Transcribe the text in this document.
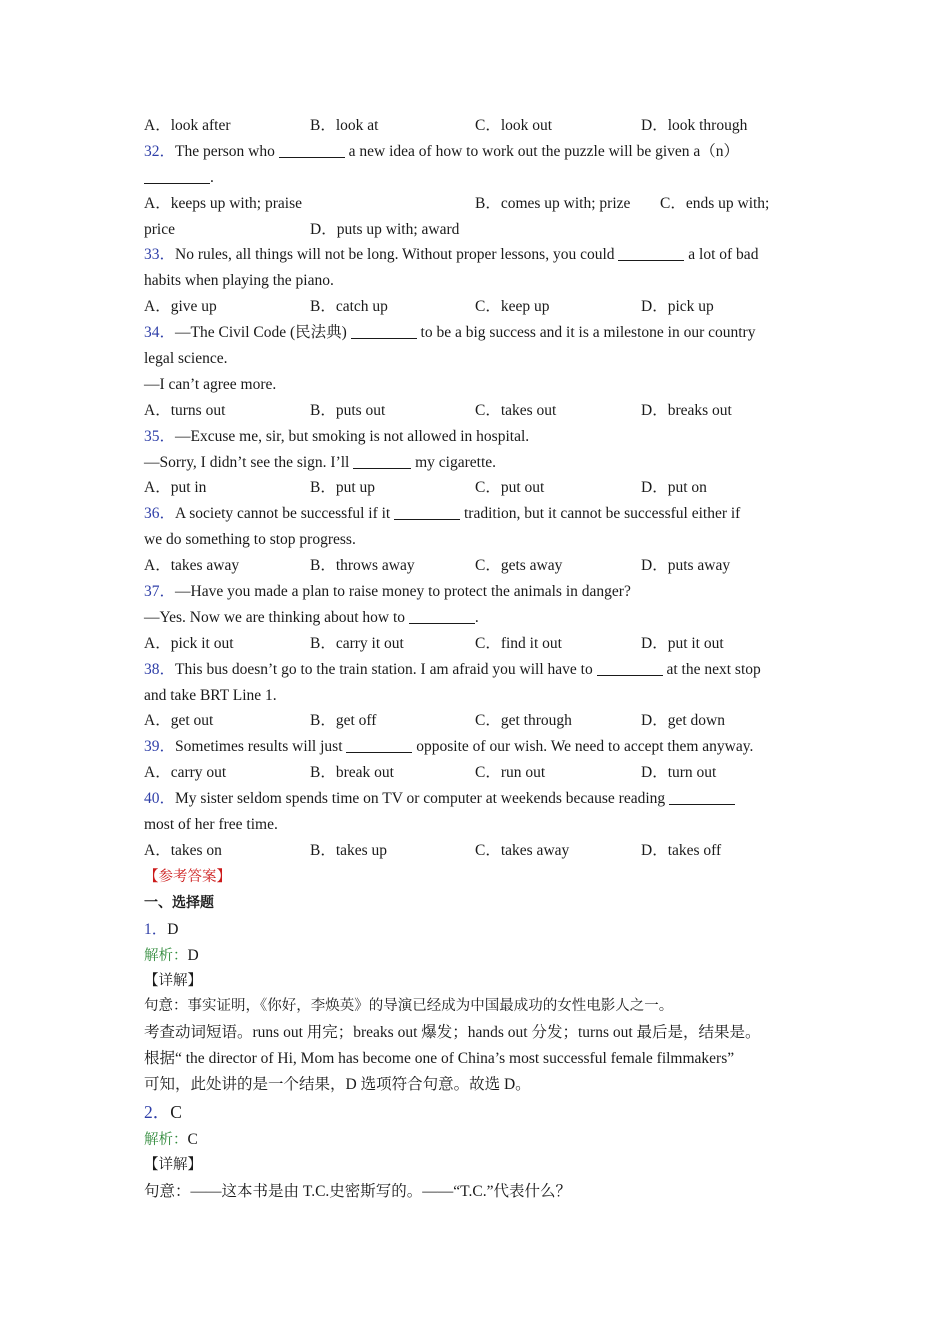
A．look after	B．look at	C．look out	D．look through
32．The person who	a new idea of how to work out the puzzle will be given a（n）
.
A．keeps up with; praise	B．comes up with; prize C．ends up with;
price	D．puts up with; award
33．No rules, all things will not be long. Without proper lessons, you could	a lot of bad
habits when playing the piano.
A．give up	B．catch up	C．keep up	D．pick up
34．—The Civil Code (民法典)	to be a big success and it is a milestone in our country
legal science.
—I can’t agree more.
A．turns out	B．puts out	C．takes out	D．breaks out
35．—Excuse me, sir, but smoking is not allowed in hospital.
—Sorry, I didn’t see the sign. I’ll	my cigarette.
A．put in	B．put up	C．put out	D．put on
36．A society cannot be successful if it	tradition, but it cannot be successful either if
we do something to stop progress.
A．takes away	B．throws away	C．gets away	D．puts away
37．—Have you made a plan to raise money to protect the animals in danger?
—Yes. Now we are thinking about how to	.
A．pick it out	B．carry it out	C．find it out	D．put it out
38．This bus doesn’t go to the train station. I am afraid you will have to	at the next stop
and take BRT Line 1.
A．get out	B．get off	C．get through	D．get down
39．Sometimes results will just	opposite of our wish. We need to accept them anyway.
A．carry out	B．break out	C．run out	D．turn out
40．My sister seldom spends time on TV or computer at weekends because reading
most of her free time.
A．takes on	B．takes up	C．takes away	D．takes off
【参考答案】
一、选择题
1．D
解析：D
【详解】
句意：事实证明，《你好，李焕英》的导演已经成为中国最成功的女性电影人之一。
考查动词短语。runs out 用完；breaks out 爆发；hands out 分发；turns out 最后是，结果是。
根据“ the director of Hi, Mom has become one of China’s most successful female filmmakers”
可知，此处讲的是一个结果，D 选项符合句意。故选 D。
2．C
解析：C
【详解】
句意：——这本书是由 T.C.史密斯写的。——“T.C.”代表什么？
